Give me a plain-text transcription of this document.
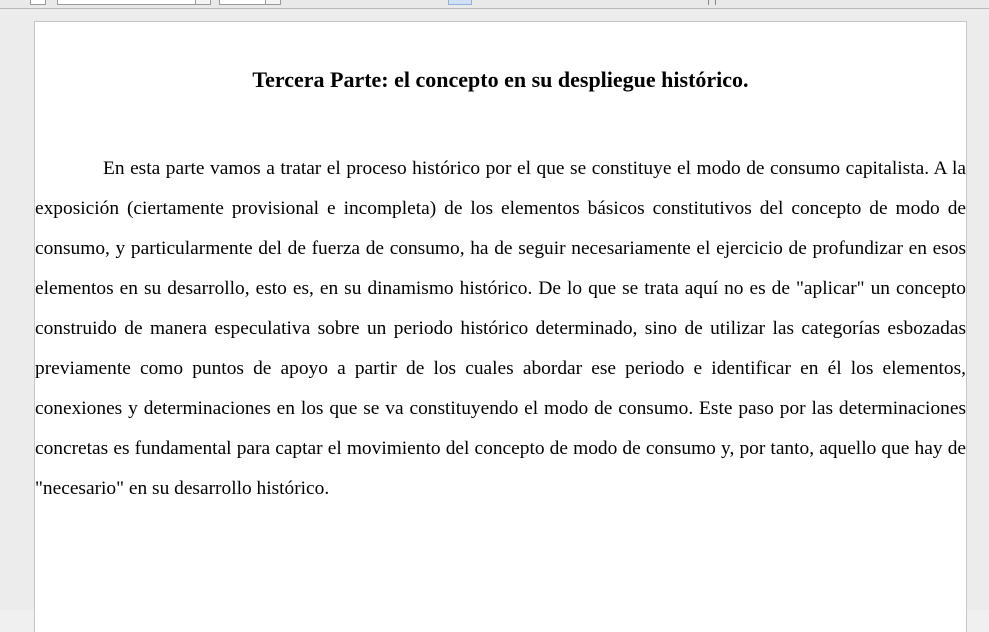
Tercera Parte: el concepto en su despliegue histórico.

En esta parte vamos a tratar el proceso histórico por el que se constituye el modo de consumo capitalista. A la exposición (ciertamente provisional e incompleta) de los elementos básicos constitutivos del concepto de modo de consumo, y particularmente del de fuerza de consumo, ha de seguir necesariamente el ejercicio de profundizar en esos elementos en su desarrollo, esto es, en su dinamismo histórico. De lo que se trata aquí no es de "aplicar" un concepto construido de manera especulativa sobre un periodo histórico determinado, sino de utilizar las categorías esbozadas previamente como puntos de apoyo a partir de los cuales abordar ese periodo e identificar en él los elementos, conexiones y determinaciones en los que se va constituyendo el modo de consumo. Este paso por las determinaciones concretas es fundamental para captar el movimiento del concepto de modo de consumo y, por tanto, aquello que hay de "necesario" en su desarrollo histórico.
